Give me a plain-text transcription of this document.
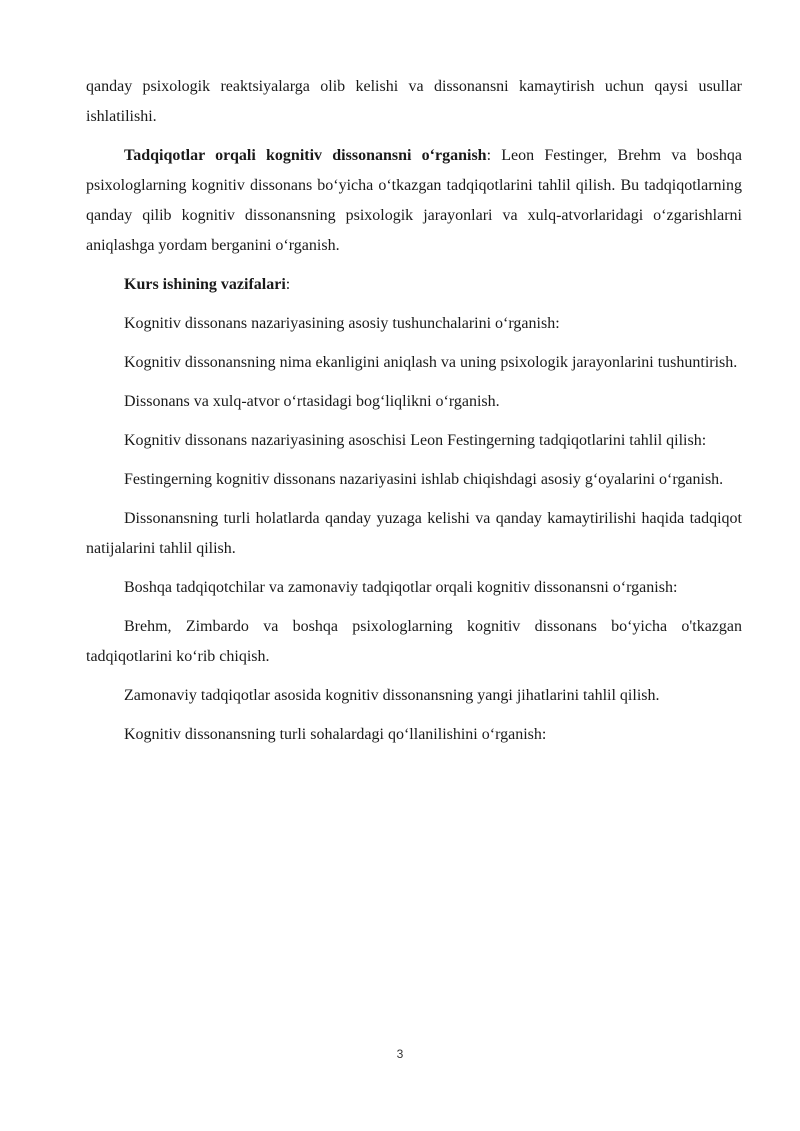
qanday psixologik reaktsiyalarga olib kelishi va dissonansni kamaytirish uchun qaysi usullar ishlatilishi.

Tadqiqotlar orqali kognitiv dissonansni o‘rganish: Leon Festinger, Brehm va boshqa psixologlarning kognitiv dissonans bo‘yicha o‘tkazgan tadqiqotlarini tahlil qilish. Bu tadqiqotlarning qanday qilib kognitiv dissonansning psixologik jarayonlari va xulq-atvorlaridagi o‘zgarishlarni aniqlashga yordam berganini o‘rganish.

Kurs ishining vazifalari:

Kognitiv dissonans nazariyasining asosiy tushunchalarini o‘rganish:

Kognitiv dissonansning nima ekanligini aniqlash va uning psixologik jarayonlarini tushuntirish.

Dissonans va xulq-atvor o‘rtasidagi bog‘liqlikni o‘rganish.

Kognitiv dissonans nazariyasining asoschisi Leon Festingerning tadqiqotlarini tahlil qilish:

Festingerning kognitiv dissonans nazariyasini ishlab chiqishdagi asosiy g‘oyalarini o‘rganish.

Dissonansning turli holatlarda qanday yuzaga kelishi va qanday kamaytirilishi haqida tadqiqot natijalarini tahlil qilish.

Boshqa tadqiqotchilar va zamonaviy tadqiqotlar orqali kognitiv dissonansni o‘rganish:

Brehm, Zimbardo va boshqa psixologlarning kognitiv dissonans bo‘yicha o'tkazgan tadqiqotlarini ko‘rib chiqish.

Zamonaviy tadqiqotlar asosida kognitiv dissonansning yangi jihatlarini tahlil qilish.

Kognitiv dissonansning turli sohalardagi qo‘llanilishini o‘rganish:

3
